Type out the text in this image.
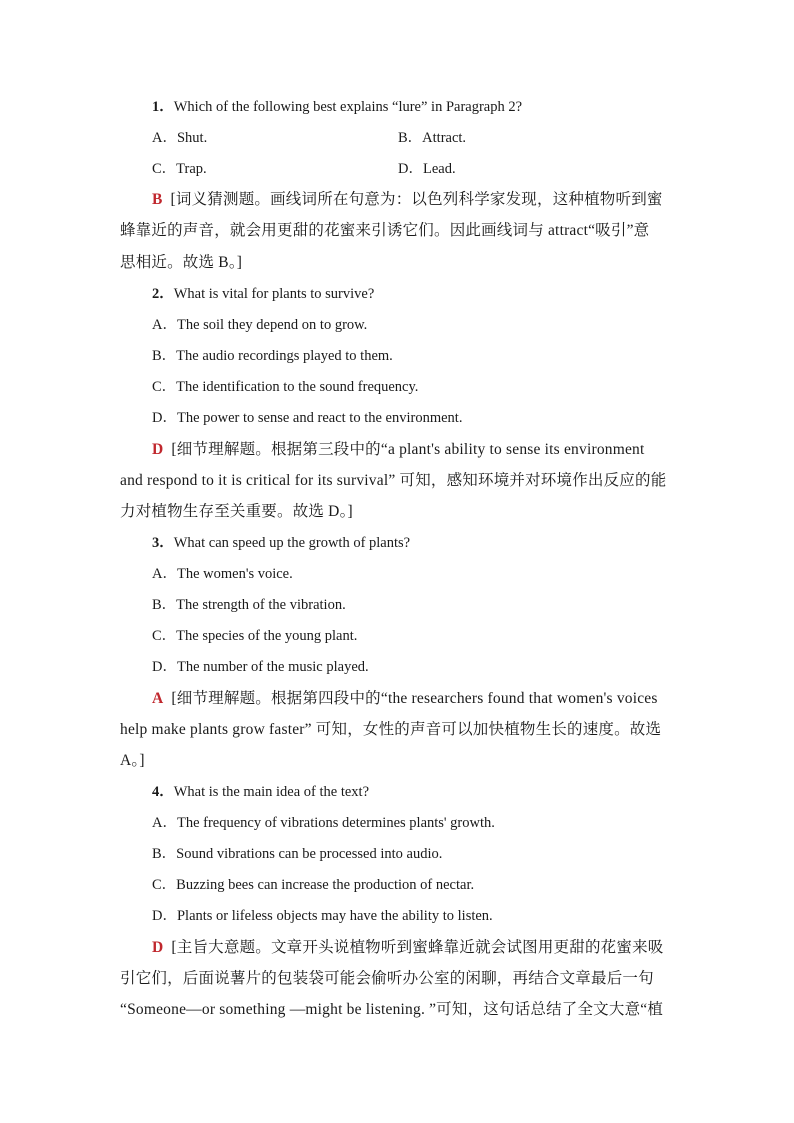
1．Which of the following best explains “lure” in Paragraph 2?
A．Shut.	B．Attract.
C．Trap.	D．Lead.
B [词义猜测题。画线词所在句意为：以色列科学家发现，这种植物听到蜜
蜂靠近的声音，就会用更甜的花蜜来引诱它们。因此画线词与 attract“吸引”意
思相近。故选 B。]
2．What is vital for plants to survive?
A．The soil they depend on to grow.
B．The audio recordings played to them.
C．The identification to the sound frequency.
D．The power to sense and react to the environment.
D [细节理解题。根据第三段中的“a plant's ability to sense its environment
and respond to it is critical for its survival” 可知，感知环境并对环境作出反应的能
力对植物生存至关重要。故选 D。]
3．What can speed up the growth of plants?
A．The women's voice.
B．The strength of the vibration.
C．The species of the young plant.
D．The number of the music played.
A [细节理解题。根据第四段中的“the researchers found that women's voices
help make plants grow faster” 可知，女性的声音可以加快植物生长的速度。故选
A。]
4．What is the main idea of the text?
A．The frequency of vibrations determines plants' growth.
B．Sound vibrations can be processed into audio.
C．Buzzing bees can increase the production of nectar.
D．Plants or lifeless objects may have the ability to listen.
D [主旨大意题。文章开头说植物听到蜜蜂靠近就会试图用更甜的花蜜来吸
引它们，后面说薯片的包装袋可能会偷听办公室的闲聊，再结合文章最后一句
“Someone—or something —might be listening. ”可知，这句话总结了全文大意“植
